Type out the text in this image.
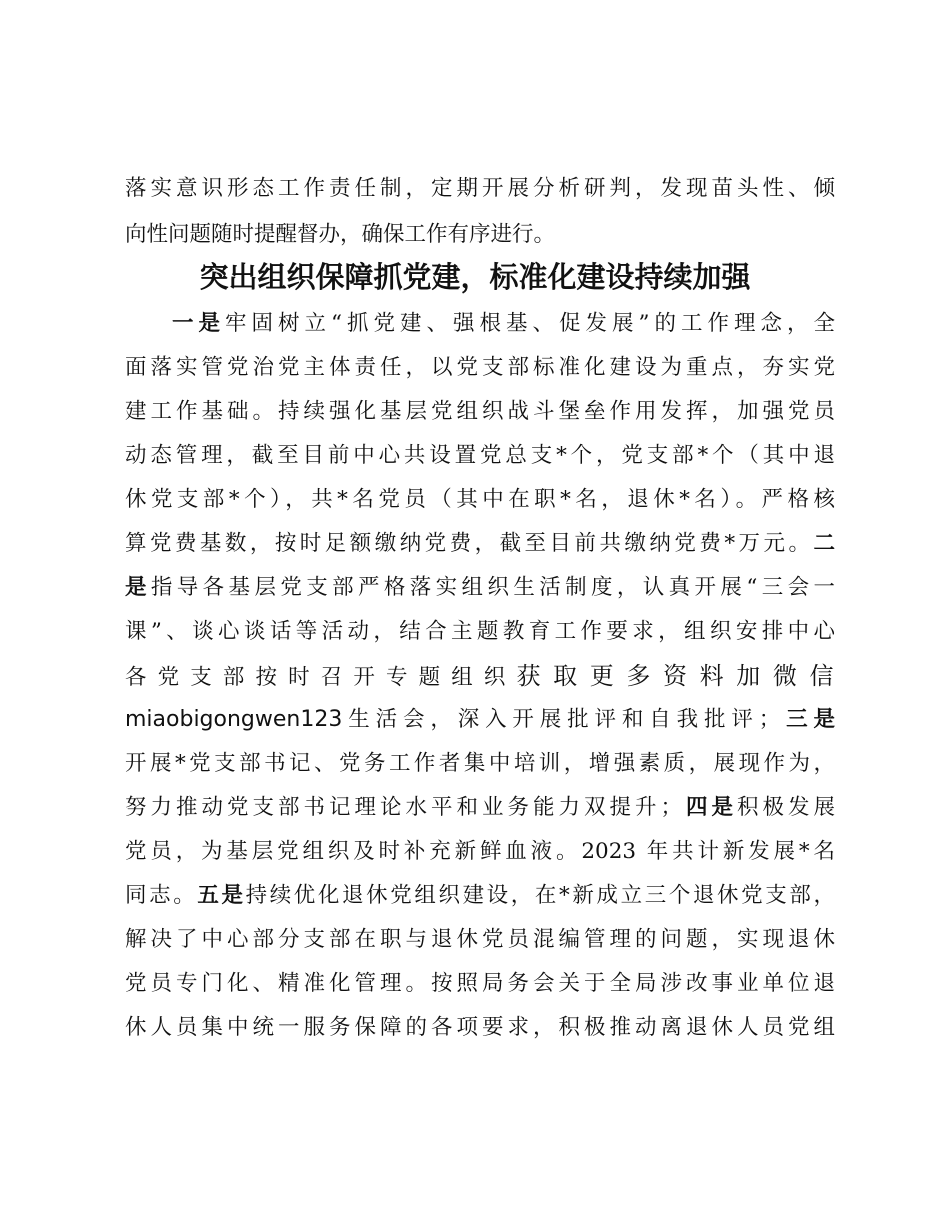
落实意识形态工作责任制，定期开展分析研判，发现苗头性、倾
向性问题随时提醒督办，确保工作有序进行。
突出组织保障抓党建，标准化建设持续加强
一是牢固树立“抓党建、强根基、促发展”的工作理念，全
面落实管党治党主体责任，以党支部标准化建设为重点，夯实党
建工作基础。持续强化基层党组织战斗堡垒作用发挥，加强党员
动态管理，截至目前中心共设置党总支*个，党支部*个（其中退
休党支部*个），共*名党员（其中在职*名，退休*名）。严格核
算党费基数，按时足额缴纳党费，截至目前共缴纳党费*万元。二
是指导各基层党支部严格落实组织生活制度，认真开展“三会一
课”、谈心谈话等活动，结合主题教育工作要求，组织安排中心
各党支部按时召开专题组织获取更多资料加微信
miaobigongwen123生活会，深入开展批评和自我批评；三是
开展*党支部书记、党务工作者集中培训，增强素质，展现作为，
努力推动党支部书记理论水平和业务能力双提升；四是积极发展
党员，为基层党组织及时补充新鲜血液。2023 年共计新发展*名
同志。五是持续优化退休党组织建设，在*新成立三个退休党支部，
解决了中心部分支部在职与退休党员混编管理的问题，实现退休
党员专门化、精准化管理。按照局务会关于全局涉改事业单位退
休人员集中统一服务保障的各项要求，积极推动离退休人员党组
